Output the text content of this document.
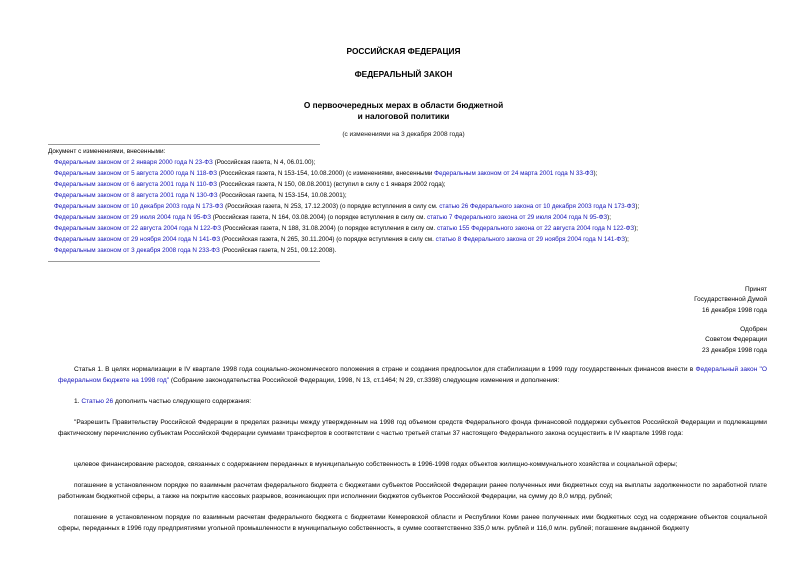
РОССИЙСКАЯ ФЕДЕРАЦИЯ
ФЕДЕРАЛЬНЫЙ ЗАКОН
О первоочередных мерах в области бюджетной
и налоговой политики
(с изменениями на 3 декабря 2008 года)
Документ с изменениями, внесенными:
Федеральным законом от 2 января 2000 года N 23-ФЗ (Российская газета, N 4, 06.01.00);
Федеральным законом от 5 августа 2000 года N 118-ФЗ (Российская газета, N 153-154, 10.08.2000) (с изменениями, внесенными Федеральным законом от 24 марта 2001 года N 33-ФЗ);
Федеральным законом от 6 августа 2001 года N 110-ФЗ (Российская газета, N 150, 08.08.2001) (вступил в силу с 1 января 2002 года);
Федеральным законом от 8 августа 2001 года N 130-ФЗ (Российская газета, N 153-154, 10.08.2001);
Федеральным законом от 10 декабря 2003 года N 173-ФЗ (Российская газета, N 253, 17.12.2003) (о порядке вступления в силу см. статью 26 Федерального закона от 10 декабря 2003 года N 173-ФЗ);
Федеральным законом от 29 июля 2004 года N 95-ФЗ (Российская газета, N 164, 03.08.2004) (о порядке вступления в силу см. статью 7 Федерального закона от 29 июля 2004 года N 95-ФЗ);
Федеральным законом от 22 августа 2004 года N 122-ФЗ (Российская газета, N 188, 31.08.2004) (о порядке вступления в силу см. статью 155 Федерального закона от 22 августа 2004 года N 122-ФЗ);
Федеральным законом от 29 ноября 2004 года N 141-ФЗ (Российская газета, N 265, 30.11.2004) (о порядке вступления в силу см. статью 8 Федерального закона от 29 ноября 2004 года N 141-ФЗ);
Федеральным законом от 3 декабря 2008 года N 233-ФЗ (Российская газета, N 251, 09.12.2008).
Принят
Государственной Думой
16 декабря 1998 года
Одобрен
Советом Федерации
23 декабря 1998 года
Статья 1. В целях нормализации в IV квартале 1998 года социально-экономического положения в стране и создания предпосылок для стабилизации в 1999 году государственных финансов внести в Федеральный закон "О федеральном бюджете на 1998 год" (Собрание законодательства Российской Федерации, 1998, N 13, ст.1464; N 29, ст.3398) следующие изменения и дополнения:
1. Статью 26 дополнить частью следующего содержания:
"Разрешить Правительству Российской Федерации в пределах разницы между утвержденным на 1998 год объемом средств Федерального фонда финансовой поддержки субъектов Российской Федерации и подлежащими фактическому перечислению субъектам Российской Федерации суммами трансфертов в соответствии с частью третьей статьи 37 настоящего Федерального закона осуществить в IV квартале 1998 года:
целевое финансирование расходов, связанных с содержанием переданных в муниципальную собственность в 1996-1998 годах объектов жилищно-коммунального хозяйства и социальной сферы;
погашение в установленном порядке по взаимным расчетам федерального бюджета с бюджетами субъектов Российской Федерации ранее полученных ими бюджетных ссуд на выплаты задолженности по заработной плате работникам бюджетной сферы, а также на покрытие кассовых разрывов, возникающих при исполнении бюджетов субъектов Российской Федерации, на сумму до 8,0 млрд. рублей;
погашение в установленном порядке по взаимным расчетам федерального бюджета с бюджетами Кемеровской области и Республики Коми ранее полученных ими бюджетных ссуд на содержание объектов социальной сферы, переданных в 1996 году предприятиями угольной промышленности в муниципальную собственность, в сумме соответственно 335,0 млн. рублей и 116,0 млн. рублей; погашение выданной бюджету
